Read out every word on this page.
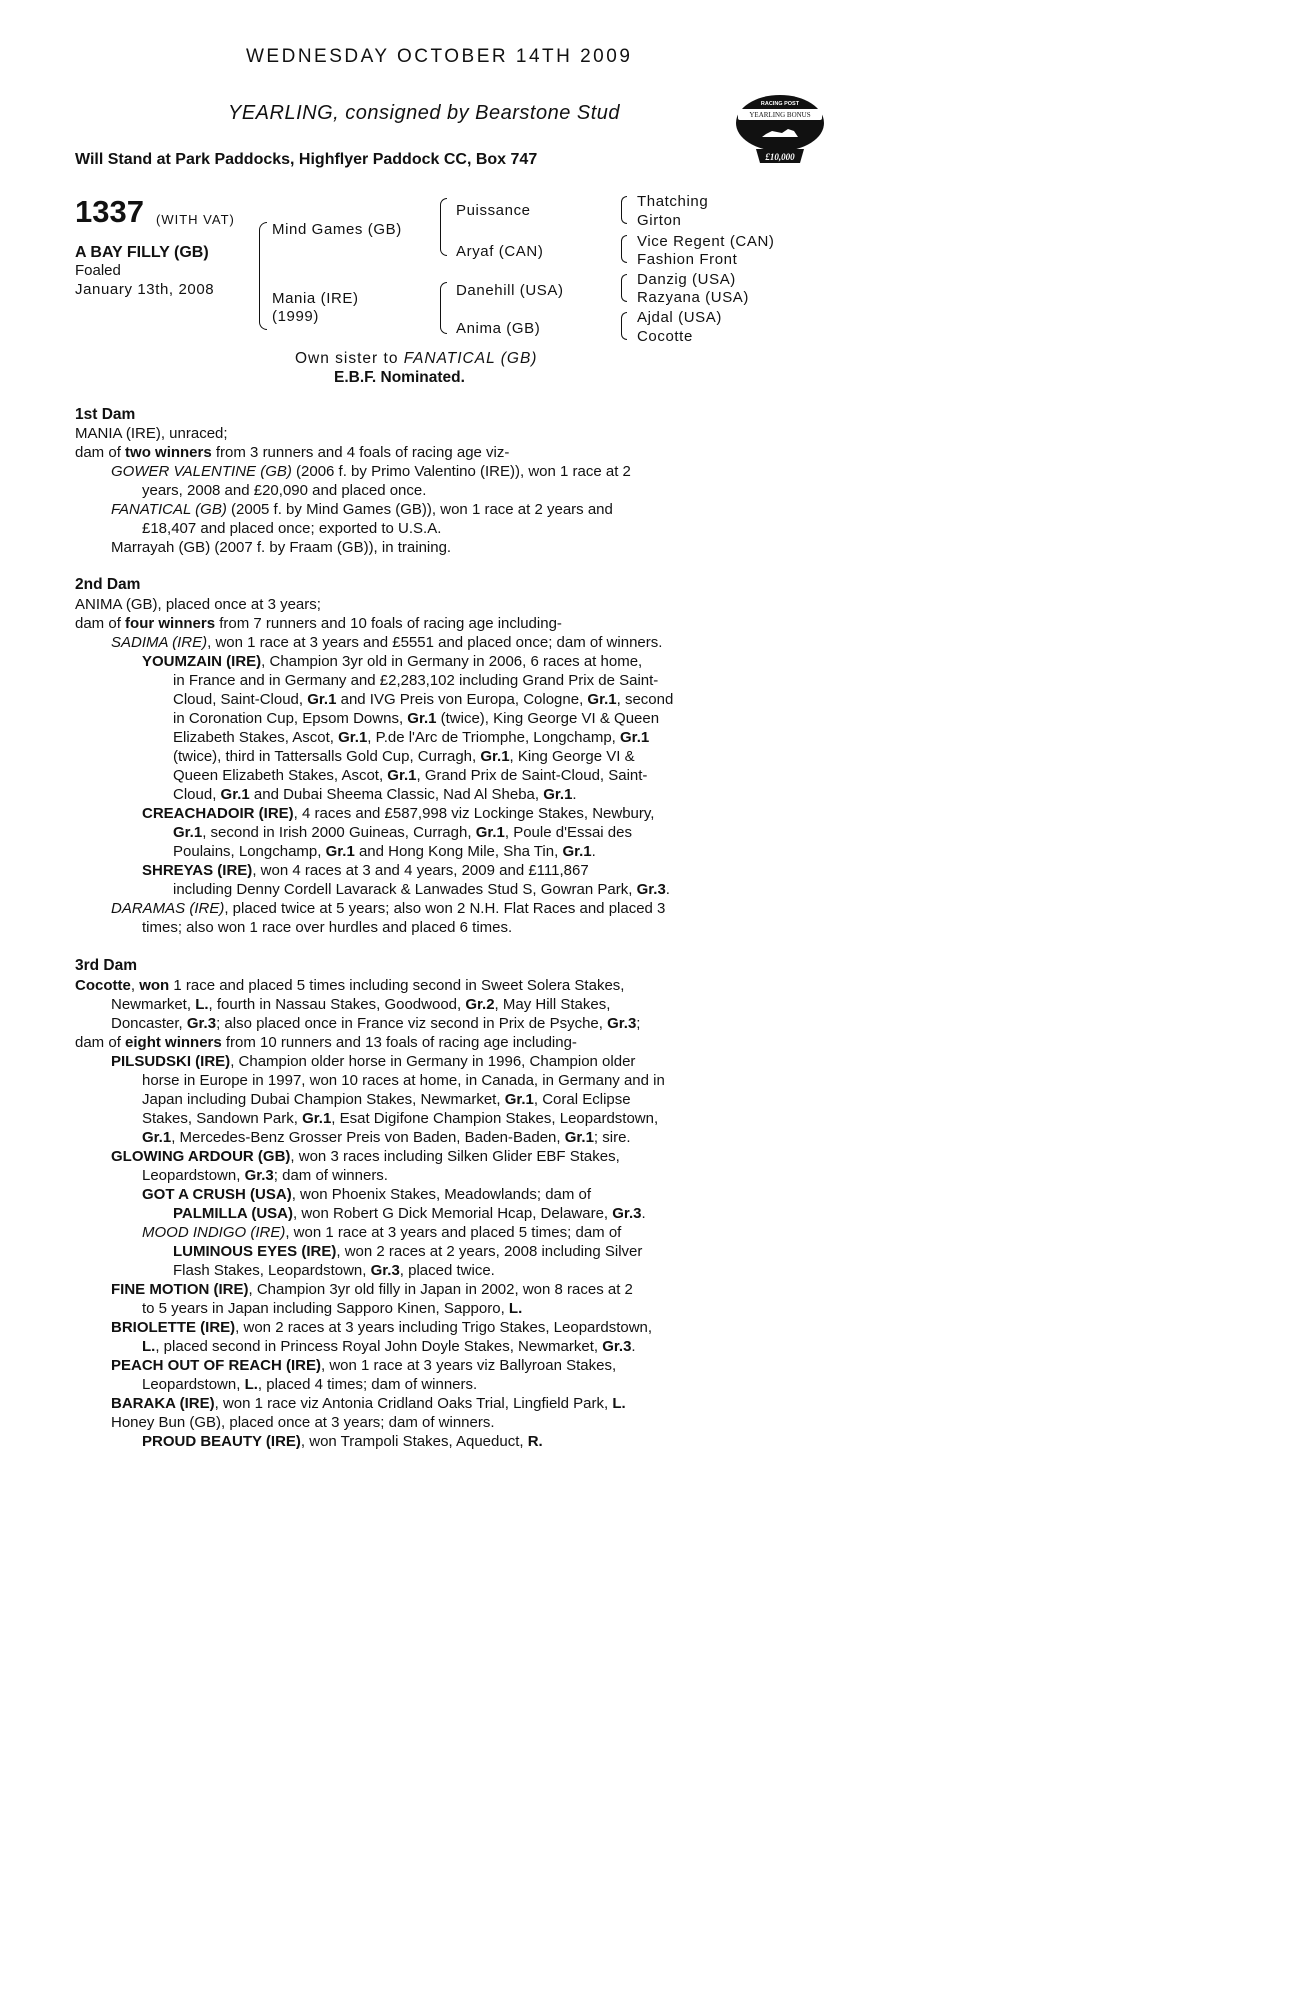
WEDNESDAY OCTOBER 14TH 2009
YEARLING, consigned by Bearstone Stud
Will Stand at Park Paddocks, Highflyer Paddock CC, Box 747
RACING POST
YEARLING BONUS
£10,000
1337 (WITH VAT)
A BAY FILLY (GB)
Foaled
January 13th, 2008
Mind Games (GB)
Mania (IRE)
(1999)
Puissance
Aryaf (CAN)
Danehill (USA)
Anima (GB)
Thatching
Girton
Vice Regent (CAN)
Fashion Front
Danzig (USA)
Razyana (USA)
Ajdal (USA)
Cocotte
Own sister to FANATICAL (GB)
E.B.F. Nominated.
1st Dam
MANIA (IRE), unraced;
dam of two winners from 3 runners and 4 foals of racing age viz-
GOWER VALENTINE (GB) (2006 f. by Primo Valentino (IRE)), won 1 race at 2
years, 2008 and £20,090 and placed once.
FANATICAL (GB) (2005 f. by Mind Games (GB)), won 1 race at 2 years and
£18,407 and placed once; exported to U.S.A.
Marrayah (GB) (2007 f. by Fraam (GB)), in training.
2nd Dam
ANIMA (GB), placed once at 3 years;
dam of four winners from 7 runners and 10 foals of racing age including-
SADIMA (IRE), won 1 race at 3 years and £5551 and placed once; dam of winners.
YOUMZAIN (IRE), Champion 3yr old in Germany in 2006, 6 races at home,
in France and in Germany and £2,283,102 including Grand Prix de Saint-
Cloud, Saint-Cloud, Gr.1 and IVG Preis von Europa, Cologne, Gr.1, second
in Coronation Cup, Epsom Downs, Gr.1 (twice), King George VI & Queen
Elizabeth Stakes, Ascot, Gr.1, P.de l'Arc de Triomphe, Longchamp, Gr.1
(twice), third in Tattersalls Gold Cup, Curragh, Gr.1, King George VI &
Queen Elizabeth Stakes, Ascot, Gr.1, Grand Prix de Saint-Cloud, Saint-
Cloud, Gr.1 and Dubai Sheema Classic, Nad Al Sheba, Gr.1.
CREACHADOIR (IRE), 4 races and £587,998 viz Lockinge Stakes, Newbury,
Gr.1, second in Irish 2000 Guineas, Curragh, Gr.1, Poule d'Essai des
Poulains, Longchamp, Gr.1 and Hong Kong Mile, Sha Tin, Gr.1.
SHREYAS (IRE), won 4 races at 3 and 4 years, 2009 and £111,867
including Denny Cordell Lavarack & Lanwades Stud S, Gowran Park, Gr.3.
DARAMAS (IRE), placed twice at 5 years; also won 2 N.H. Flat Races and placed 3
times; also won 1 race over hurdles and placed 6 times.
3rd Dam
Cocotte, won 1 race and placed 5 times including second in Sweet Solera Stakes,
Newmarket, L., fourth in Nassau Stakes, Goodwood, Gr.2, May Hill Stakes,
Doncaster, Gr.3; also placed once in France viz second in Prix de Psyche, Gr.3;
dam of eight winners from 10 runners and 13 foals of racing age including-
PILSUDSKI (IRE), Champion older horse in Germany in 1996, Champion older
horse in Europe in 1997, won 10 races at home, in Canada, in Germany and in
Japan including Dubai Champion Stakes, Newmarket, Gr.1, Coral Eclipse
Stakes, Sandown Park, Gr.1, Esat Digifone Champion Stakes, Leopardstown,
Gr.1, Mercedes-Benz Grosser Preis von Baden, Baden-Baden, Gr.1; sire.
GLOWING ARDOUR (GB), won 3 races including Silken Glider EBF Stakes,
Leopardstown, Gr.3; dam of winners.
GOT A CRUSH (USA), won Phoenix Stakes, Meadowlands; dam of
PALMILLA (USA), won Robert G Dick Memorial Hcap, Delaware, Gr.3.
MOOD INDIGO (IRE), won 1 race at 3 years and placed 5 times; dam of
LUMINOUS EYES (IRE), won 2 races at 2 years, 2008 including Silver
Flash Stakes, Leopardstown, Gr.3, placed twice.
FINE MOTION (IRE), Champion 3yr old filly in Japan in 2002, won 8 races at 2
to 5 years in Japan including Sapporo Kinen, Sapporo, L.
BRIOLETTE (IRE), won 2 races at 3 years including Trigo Stakes, Leopardstown,
L., placed second in Princess Royal John Doyle Stakes, Newmarket, Gr.3.
PEACH OUT OF REACH (IRE), won 1 race at 3 years viz Ballyroan Stakes,
Leopardstown, L., placed 4 times; dam of winners.
BARAKA (IRE), won 1 race viz Antonia Cridland Oaks Trial, Lingfield Park, L.
Honey Bun (GB), placed once at 3 years; dam of winners.
PROUD BEAUTY (IRE), won Trampoli Stakes, Aqueduct, R.
